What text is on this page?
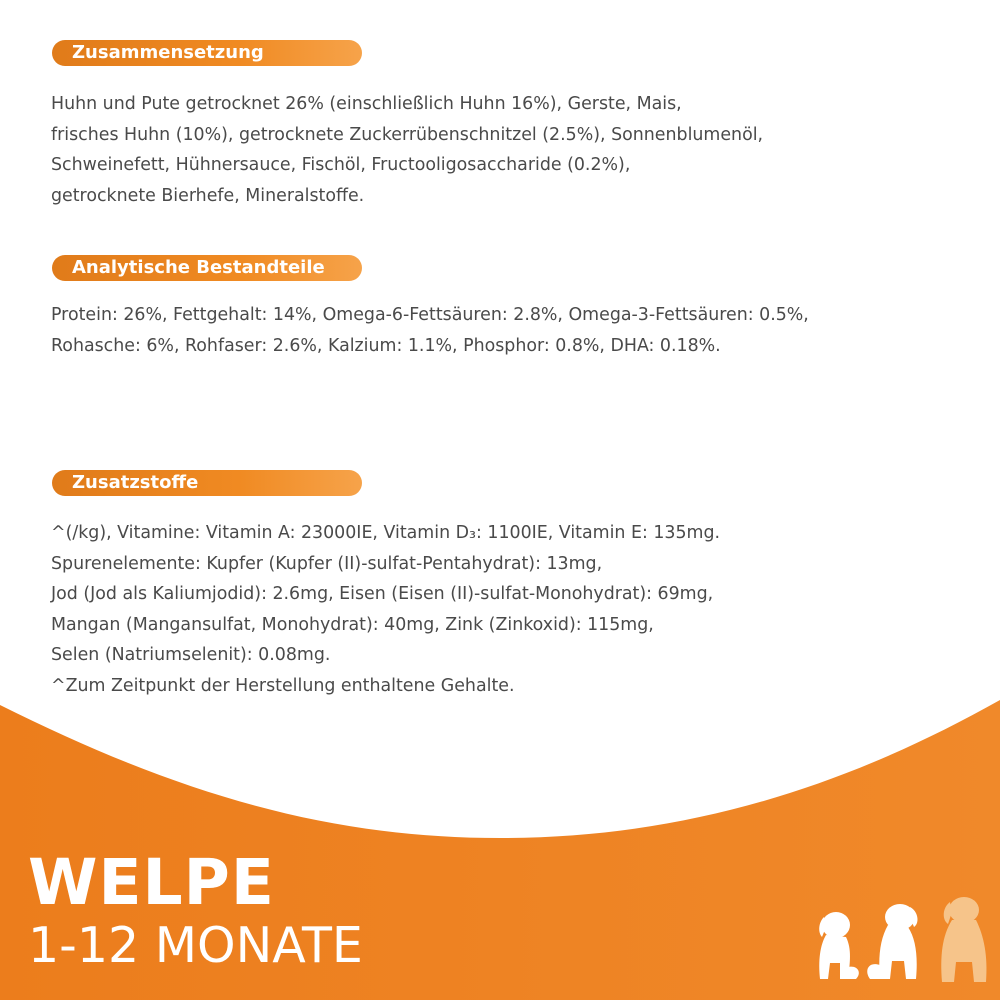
Zusammensetzung
Huhn und Pute getrocknet 26% (einschließlich Huhn 16%), Gerste, Mais,
frisches Huhn (10%), getrocknete Zuckerrübenschnitzel (2.5%), Sonnenblumenöl,
Schweinefett, Hühnersauce, Fischöl, Fructooligosaccharide (0.2%),
getrocknete Bierhefe, Mineralstoffe.
Analytische Bestandteile
Protein: 26%, Fettgehalt: 14%, Omega-6-Fettsäuren: 2.8%, Omega-3-Fettsäuren: 0.5%,
Rohasche: 6%, Rohfaser: 2.6%, Kalzium: 1.1%, Phosphor: 0.8%, DHA: 0.18%.
Zusatzstoffe
^(/kg), Vitamine: Vitamin A: 23000IE, Vitamin D₃: 1100IE, Vitamin E: 135mg.
Spurenelemente: Kupfer (Kupfer (II)-sulfat-Pentahydrat): 13mg,
Jod (Jod als Kaliumjodid): 2.6mg, Eisen (Eisen (II)-sulfat-Monohydrat): 69mg,
Mangan (Mangansulfat, Monohydrat): 40mg, Zink (Zinkoxid): 115mg,
Selen (Natriumselenit): 0.08mg.
^Zum Zeitpunkt der Herstellung enthaltene Gehalte.
WELPE
1-12 MONATE
